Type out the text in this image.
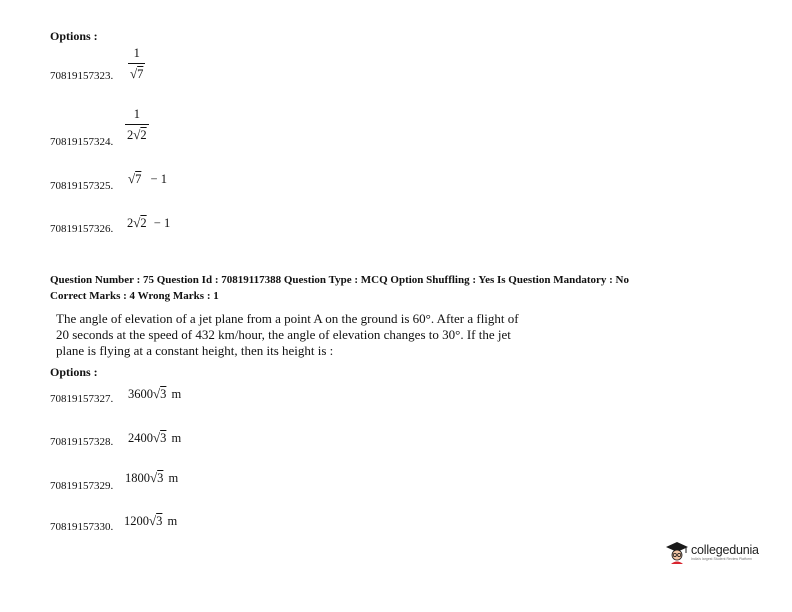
Options :
70819157323. $\frac{1}{√7}$
70819157324.
$\frac{1}{2√2}$
70819157325. √7 − 1
70819157326. 2√2 − 1
Question Number : 75 Question Id : 70819117388 Question Type : MCQ Option Shuffling : Yes Is Question Mandatory : No
Correct Marks : 4 Wrong Marks : 1
The angle of elevation of a jet plane from a point A on the ground is 60°. After a flight of
20 seconds at the speed of 432 km/hour, the angle of elevation changes to 30°. If the jet
plane is flying at a constant height, then its height is :
Options :
70819157327. 3600√3 m
70819157328. 2400√3 m
70819157329.
1800√3 m
70819157330. 1200√3 m
collegedunia
India's largest Student Review Platform
